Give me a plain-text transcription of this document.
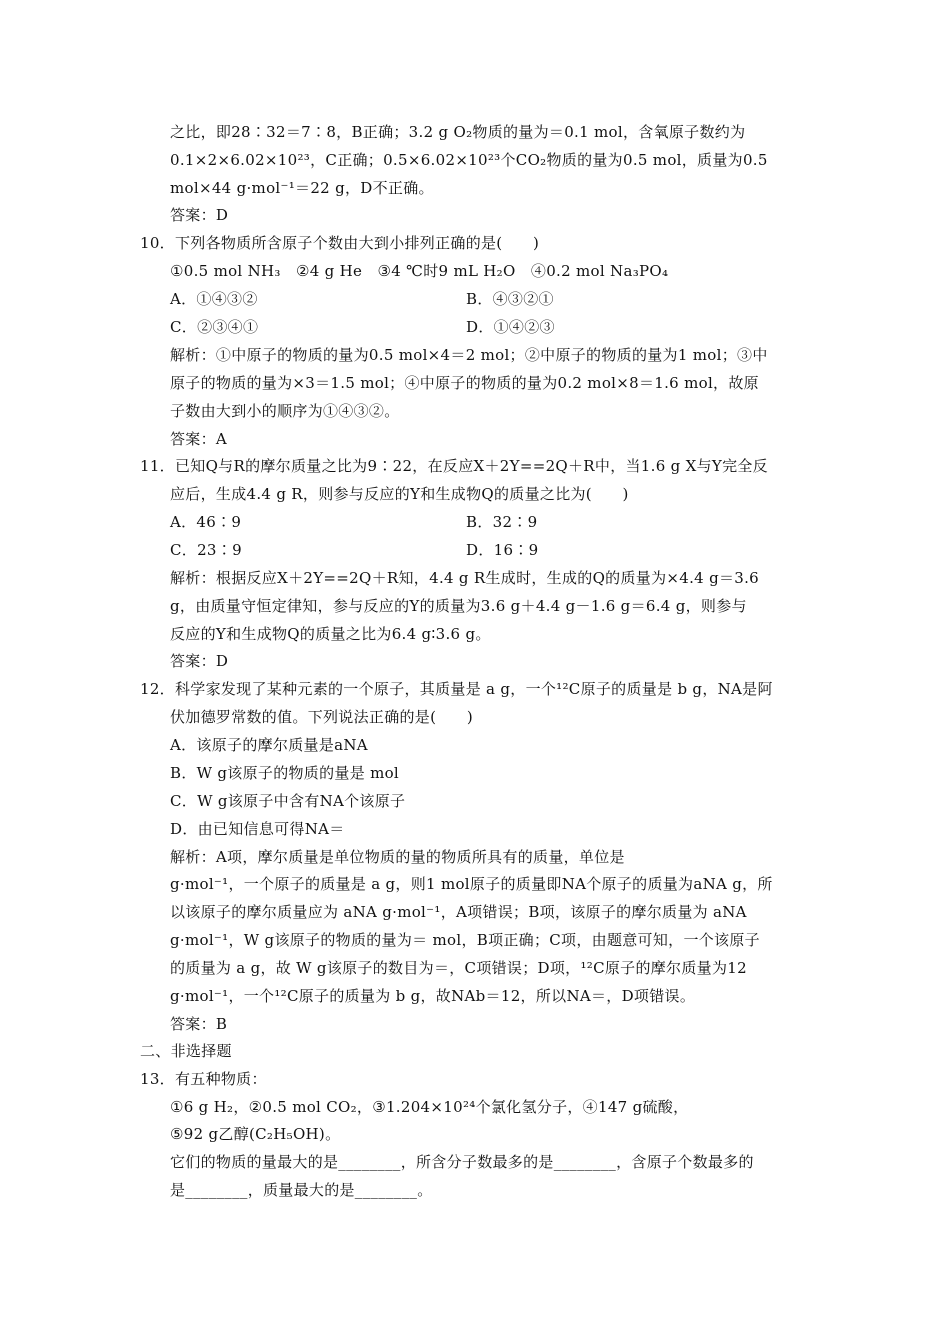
之比，即28∶32＝7∶8，B正确；3.2 g O₂物质的量为＝0.1 mol，含氧原子数约为
0.1×2×6.02×10²³，C正确；0.5×6.02×10²³个CO₂物质的量为0.5 mol，质量为0.5
mol×44 g·mol⁻¹＝22 g，D不正确。
答案：D
10．下列各物质所含原子个数由大到小排列正确的是(　　)
①0.5 mol NH₃　②4 g He　③4 ℃时9 mL H₂O　④0.2 mol Na₃PO₄
A．①④③②	B．④③②①
C．②③④①	D．①④②③
解析：①中原子的物质的量为0.5 mol×4＝2 mol；②中原子的物质的量为1 mol；③中
原子的物质的量为×3＝1.5 mol；④中原子的物质的量为0.2 mol×8＝1.6 mol，故原
子数由大到小的顺序为①④③②。
答案：A
11．已知Q与R的摩尔质量之比为9∶22，在反应X＋2Y==2Q＋R中，当1.6 g X与Y完全反
应后，生成4.4 g R，则参与反应的Y和生成物Q的质量之比为(　　)
A．46∶9	B．32∶9
C．23∶9	D．16∶9
解析：根据反应X＋2Y==2Q＋R知，4.4 g R生成时，生成的Q的质量为×4.4 g＝3.6
g，由质量守恒定律知，参与反应的Y的质量为3.6 g＋4.4 g－1.6 g＝6.4 g，则参与
反应的Y和生成物Q的质量之比为6.4 g∶3.6 g。
答案：D
12．科学家发现了某种元素的一个原子，其质量是 a g，一个¹²C原子的质量是 b g，NA是阿
伏加德罗常数的值。下列说法正确的是(　　)
A．该原子的摩尔质量是aNA
B．W g该原子的物质的量是 mol
C．W g该原子中含有NA个该原子
D．由已知信息可得NA＝
解析：A项，摩尔质量是单位物质的量的物质所具有的质量，单位是
g·mol⁻¹，一个原子的质量是 a g，则1 mol原子的质量即NA个原子的质量为aNA g，所
以该原子的摩尔质量应为 aNA g·mol⁻¹，A项错误；B项，该原子的摩尔质量为 aNA
g·mol⁻¹，W g该原子的物质的量为＝ mol，B项正确；C项，由题意可知，一个该原子
的质量为 a g，故 W g该原子的数目为＝，C项错误；D项，¹²C原子的摩尔质量为12
g·mol⁻¹，一个¹²C原子的质量为 b g，故NAb＝12，所以NA＝，D项错误。
答案：B
二、非选择题
13．有五种物质：
①6 g H₂，②0.5 mol CO₂，③1.204×10²⁴个氯化氢分子，④147 g硫酸，
⑤92 g乙醇(C₂H₅OH)。
它们的物质的量最大的是________，所含分子数最多的是________，含原子个数最多的
是________，质量最大的是________。
